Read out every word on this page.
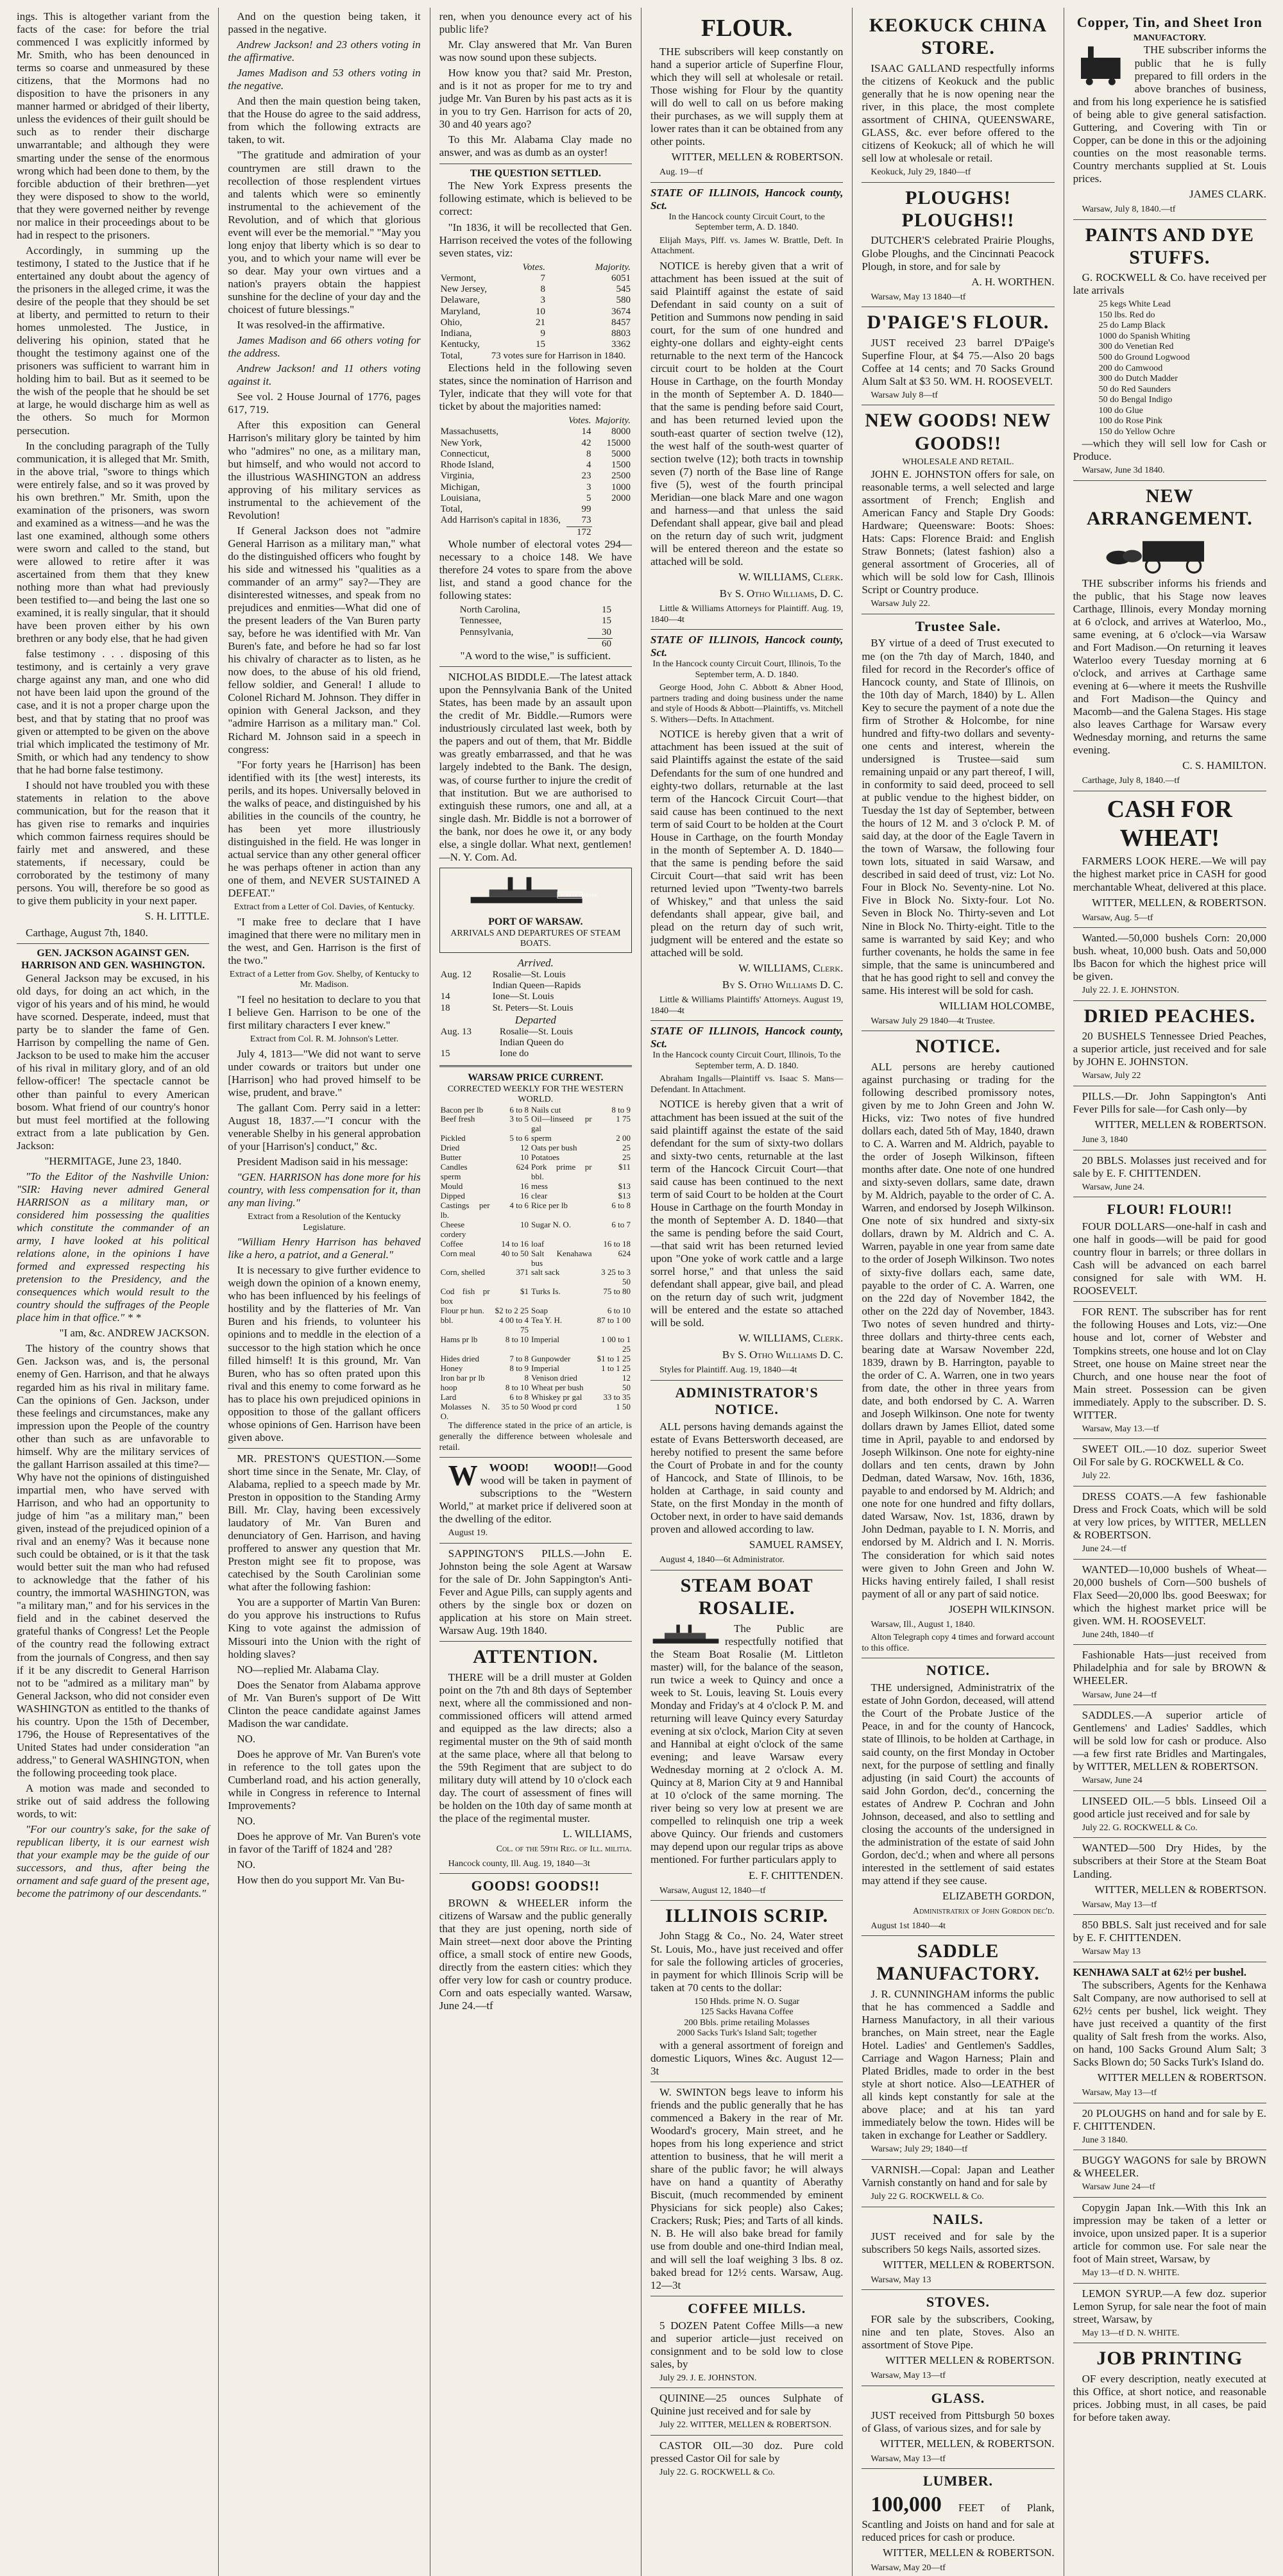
ings. This is altogether variant from the facts of the case: for before the trial commenced I was explicitly informed by Mr. Smith, who has been denounced in terms so coarse and unmeasured by these citizens, that the Mormons had no disposition to have the prisoners in any manner harmed or abridged of their liberty, unless the evidences of their guilt should be such as to render their discharge unwarrantable; and although they were smarting under the sense of the enormous wrong which had been done to them, by the forcible abduction of their brethren—yet they were disposed to show to the world, that they were governed neither by revenge nor malice in their proceedings about to be had in respect to the prisoners.

Accordingly, in summing up the testimony, I stated to the Justice that if he entertained any doubt about the agency of the prisoners in the alleged crime, it was the desire of the people that they should be set at liberty, and permitted to return to their homes unmolested. The Justice, in delivering his opinion, stated that he thought the testimony against one of the prisoners was sufficient to warrant him in holding him to bail. But as it seemed to be the wish of the people that he should be set at large, he would discharge him as well as the others. So much for Mormon persecution.

In the concluding paragraph of the Tully communication, it is alleged that Mr. Smith, in the above trial, "swore to things which were entirely false, and so it was proved by his own brethren." Mr. Smith, upon the examination of the prisoners, was sworn and examined as a witness—and he was the last one examined, although some others were sworn and called to the stand, but were allowed to retire after it was ascertained from them that they knew nothing more than what had previously been testified to—and being the last one so examined, it is really singular, that it should have been proven either by his own brethren or any body else, that he had given

false testimony . . . disposing of this testimony, and is certainly a very grave charge against any man, and one who did not have been laid upon the ground of the case, and it is not a proper charge upon the best, and that by stating that no proof was given or attempted to be given on the above trial which implicated the testimony of Mr. Smith, or which had any tendency to show that he had borne false testimony.

I should not have troubled you with these statements in relation to the above communication, but for the reason that it has given rise to remarks and inquiries which common fairness requires should be fairly met and answered, and these statements, if necessary, could be corroborated by the testimony of many persons. You will, therefore be so good as to give them publicity in your next paper.

S. H. LITTLE.

Carthage, August 7th, 1840.

GEN. JACKSON AGAINST GEN. HARRISON AND GEN. WASHINGTON.

General Jackson may be excused, in his old days, for doing an act which, in the vigor of his years and of his mind, he would have scorned. Desperate, indeed, must that party be to slander the fame of Gen. Harrison by compelling the name of Gen. Jackson to be used to make him the accuser of his rival in military glory, and of an old fellow-officer! The spectacle cannot be other than painful to every American bosom. What friend of our country's honor but must feel mortified at the following extract from a late publication by Gen. Jackson:

"HERMITAGE, June 23, 1840.

"To the Editor of the Nashville Union: "SIR: Having never admired General HARRISON as a military man, or considered him possessing the qualities which constitute the commander of an army, I have looked at his political relations alone, in the opinions I have formed and expressed respecting his pretension to the Presidency, and the consequences which would result to the country should the suffrages of the People place him in that office." * *

"I am, &c. ANDREW JACKSON.

The history of the country shows that Gen. Jackson was, and is, the personal enemy of Gen. Harrison, and that he always regarded him as his rival in military fame. Can the opinions of Gen. Jackson, under these feelings and circumstances, make any impression upon the People of the country other than such as are unfavorable to himself. Why are the military services of the gallant Harrison assailed at this time?—Why have not the opinions of distinguished impartial men, who have served with Harrison, and who had an opportunity to judge of him "as a military man," been given, instead of the prejudiced opinion of a rival and an enemy? Was it because none such could be obtained, or is it that the task would better suit the man who had refused to acknowledge that the father of his country, the immortal WASHINGTON, was "a military man," and for his services in the field and in the cabinet deserved the grateful thanks of Congress! Let the People of the country read the following extract from the journals of Congress, and then say if it be any discredit to General Harrison not to be "admired as a military man" by General Jackson, who did not consider even WASHINGTON as entitled to the thanks of his country. Upon the 15th of December, 1796, the House of Representatives of the United States had under consideration "an address," to General WASHINGTON, when the following proceeding took place.

A motion was made and seconded to strike out of said address the following words, to wit:

"For our country's sake, for the sake of republican liberty, it is our earnest wish that your example may be the guide of our successors, and thus, after being the ornament and safe guard of the present age, become the patrimony of our descendants."

And on the question being taken, it passed in the negative.

Andrew Jackson! and 23 others voting in the affirmative.

James Madison and 53 others voting in the negative.

And then the main question being taken, that the House do agree to the said address, from which the following extracts are taken, to wit.

"The gratitude and admiration of your countrymen are still drawn to the recollection of those resplendent virtues and talents which were so eminently instrumental to the achievement of the Revolution, and of which that glorious event will ever be the memorial." "May you long enjoy that liberty which is so dear to you, and to which your name will ever be so dear. May your own virtues and a nation's prayers obtain the happiest sunshine for the decline of your day and the choicest of future blessings."

It was resolved-in the affirmative.

James Madison and 66 others voting for the address.

Andrew Jackson! and 11 others voting against it.

See vol. 2 House Journal of 1776, pages 617, 719.

After this exposition can General Harrison's military glory be tainted by him who "admires" no one, as a military man, but himself, and who would not accord to the illustrious WASHINGTON an address approving of his military services as instrumental to the achievement of the Revolution!

If General Jackson does not "admire General Harrison as a military man," what do the distinguished officers who fought by his side and witnessed his "qualities as a commander of an army" say?—They are disinterested witnesses, and speak from no prejudices and enmities—What did one of the present leaders of the Van Buren party say, before he was identified with Mr. Van Buren's fate, and before he had so far lost his chivalry of character as to listen, as he now does, to the abuse of his old friend, fellow soldier, and General! I allude to Colonel Richard M. Johnson. They differ in opinion with General Jackson, and they "admire Harrison as a military man." Col. Richard M. Johnson said in a speech in congress:

"For forty years he [Harrison] has been identified with its [the west] interests, its perils, and its hopes. Universally beloved in the walks of peace, and distinguished by his abilities in the councils of the country, he has been yet more illustriously distinguished in the field. He was longer in actual service than any other general officer he was perhaps oftener in action than any one of them, and NEVER SUSTAINED A DEFEAT."

Extract from a Letter of Col. Davies, of Kentucky.

"I make free to declare that I have imagined that there were no military men in the west, and Gen. Harrison is the first of the two."

Extract of a Letter from Gov. Shelby, of Kentucky to Mr. Madison.

"I feel no hesitation to declare to you that I believe Gen. Harrison to be one of the first military characters I ever knew."

Extract from Col. R. M. Johnson's Letter.

July 4, 1813—"We did not want to serve under cowards or traitors but under one [Harrison] who had proved himself to be wise, prudent, and brave."

The gallant Com. Perry said in a letter: August 18, 1837.—"I concur with the venerable Shelby in his general approbation of your [Harrison's] conduct," &c.

President Madison said in his message:

"GEN. HARRISON has done more for his country, with less compensation for it, than any man living."

Extract from a Resolution of the Kentucky Legislature.

"William Henry Harrison has behaved like a hero, a patriot, and a General."

It is necessary to give further evidence to weigh down the opinion of a known enemy, who has been influenced by his feelings of hostility and by the flatteries of Mr. Van Buren and his friends, to volunteer his opinions and to meddle in the election of a successor to the high station which he once filled himself! It is this ground, Mr. Van Buren, who has so often prated upon this rival and this enemy to come forward as he has to place his own prejudiced opinions in opposition to those of the gallant officers whose opinions of Gen. Harrison have been given above.

MR. PRESTON'S QUESTION.—Some short time since in the Senate, Mr. Clay, of Alabama, replied to a speech made by Mr. Preston in opposition to the Standing Army Bill. Mr. Clay, having been excessively laudatory of Mr. Van Buren and denunciatory of Gen. Harrison, and having proffered to answer any question that Mr. Preston might see fit to propose, was catechised by the South Carolinian some what after the following fashion:

You are a supporter of Martin Van Buren: do you approve his instructions to Rufus King to vote against the admission of Missouri into the Union with the right of holding slaves?

NO—replied Mr. Alabama Clay.

Does the Senator from Alabama approve of Mr. Van Buren's support of De Witt Clinton the peace candidate against James Madison the war candidate.

NO.

Does he approve of Mr. Van Buren's vote in reference to the toll gates upon the Cumberland road, and his action generally, while in Congress in reference to Internal Improvements?

NO.

Does he approve of Mr. Van Buren's vote in favor of the Tariff of 1824 and '28?

NO.

How then do you support Mr. Van Bu-

ren, when you denounce every act of his public life?

Mr. Clay answered that Mr. Van Buren was now sound upon these subjects.

How know you that? said Mr. Preston, and is it not as proper for me to try and judge Mr. Van Buren by his past acts as it is in you to try Gen. Harrison for acts of 20, 30 and 40 years ago?

To this Mr. Alabama Clay made no answer, and was as dumb as an oyster!

THE QUESTION SETTLED.

The New York Express presents the following estimate, which is believed to be correct:

"In 1836, it will be recollected that Gen. Harrison received the votes of the following seven states, viz:

	Votes.	Majority.
Vermont,	7	6051
New Jersey,	8	545
Delaware,	3	580
Maryland,	10	3674
Ohio,	21	8457
Indiana,	9	8803
Kentucky,	15	3362
Total,	73 votes sure for Harrison in 1840.	

Elections held in the following seven states, since the nomination of Harrison and Tyler, indicate that they will vote for that ticket by about the majorities named:

	Votes.	Majority.
Massachusetts,	14	8000
New York,	42	15000
Connecticut,	8	5000
Rhode Island,	4	1500
Virginia,	23	2500
Michigan,	3	1000
Louisiana,	5	2000
Total,	99	
Add Harrison's capital in 1836,	73	
	172	

Whole number of electoral votes 294—necessary to a choice 148. We have therefore 24 votes to spare from the above list, and stand a good chance for the following states:

North Carolina,	15
Tennessee,	15
Pennsylvania,	30
	60

"A word to the wise," is sufficient.

NICHOLAS BIDDLE.—The latest attack upon the Pennsylvania Bank of the United States, has been made by an assault upon the credit of Mr. Biddle.—Rumors were industriously circulated last week, both by the papers and out of them, that Mr. Biddle was greatly embarrassed, and that he was largely indebted to the Bank. The design, was, of course further to injure the credit of that institution. But we are authorised to extinguish these rumors, one and all, at a single dash. Mr. Biddle is not a borrower of the bank, nor does he owe it, or any body else, a single dollar. What next, gentlemen!—N. Y. Com. Ad.

PORT OF WARSAW.
PORT OF WARSAW.
ARRIVALS AND DEPARTURES OF STEAM BOATS.
Arrived.
Aug. 12	Rosalie—St. Louis
	Indian Queen—Rapids
14	Ione—St. Louis
18	St. Peters—St. Louis
Departed
Aug. 13	Rosalie—St. Louis
	Indian Queen do
15	Ione do
WARSAW PRICE CURRENT.
CORRECTED WEEKLY FOR THE WESTERN WORLD.
Bacon per lb	6 to 8	Nails cut	8 to 9
Beef fresh	3 to 5	Oil—linseed pr gal	1 75
Pickled	5 to 6	sperm	2 00
Dried	12	Oats per bush	25
Butter	10	Potatoes	25
Candles sperm	624	Pork prime pr bbl.	$11
Mould	16	mess	$13
Dipped	16	clear	$13
Castings per lb.	4 to 6	Rice per lb	6 to 8
Cheese cordery	10	Sugar N. O.	6 to 7
Coffee	14 to 16	loaf	16 to 18
Corn meal	40 to 50	Salt Kenahawa bus	624
Corn, shelled	371	salt sack	3 25 to 3 50
Cod fish pr box	$1	Turks Is.	75 to 80
Flour pr hun.	$2 to 2 25	Soap	6 to 10
bbl.	4 00 to 4 75	Tea Y. H.	87 to 1 00
Hams pr lb	8 to 10	Imperial	1 00 to 1 25
Hides dried	7 to 8	Gunpowder	$1 to 1 25
Honey	8 to 9	Imperial	1 to 1 25
Iron bar pr lb	8	Venison dried	12
hoop	8 to 10	Wheat per bush	50
Lard	6 to 8	Whiskey pr gal	33 to 35
Molasses N. O.	35 to 50	Wood pr cord	1 50

The difference stated in the price of an article, is generally the difference between wholesale and retail.

W WOOD! WOOD!!—Good wood will be taken in payment of subscriptions to the "Western World," at market price if delivered soon at the dwelling of the editor.

August 19.

SAPPINGTON'S PILLS.—John E. Johnston being the sole Agent at Warsaw for the sale of Dr. John Sappington's Anti-Fever and Ague Pills, can supply agents and others by the single box or dozen on application at his store on Main street. Warsaw Aug. 19th 1840.

ATTENTION.

THERE will be a drill muster at Golden point on the 7th and 8th days of September next, where all the commissioned and non-commissioned officers will attend armed and equipped as the law directs; also a regimental muster on the 9th of said month at the same place, where all that belong to the 59th Regiment that are subject to do military duty will attend by 10 o'clock each day. The court of assessment of fines will be holden on the 10th day of same month at the place of the regimental muster.

L. WILLIAMS,
Col. of the 59th Reg. of Ill. militia.

Hancock county, Ill. Aug. 19, 1840—3t

GOODS! GOODS!!

BROWN & WHEELER inform the citizens of Warsaw and the public generally that they are just opening, north side of Main street—next door above the Printing office, a small stock of entire new Goods, directly from the eastern cities: which they offer very low for cash or country produce. Corn and oats especially wanted. Warsaw, June 24.—tf

FLOUR.

THE subscribers will keep constantly on hand a superior article of Superfine Flour, which they will sell at wholesale or retail. Those wishing for Flour by the quantity will do well to call on us before making their purchases, as we will supply them at lower rates than it can be obtained from any other points.

WITTER, MELLEN & ROBERTSON.

Aug. 19—tf

STATE OF ILLINOIS, Hancock county, Sct.

In the Hancock county Circuit Court, to the September term, A. D. 1840.

Elijah Mays, Plff. vs. James W. Brattle, Deft. In Attachment.

NOTICE is hereby given that a writ of attachment has been issued at the suit of said Plaintiff against the estate of said Defendant in said county on a suit of Petition and Summons now pending in said court, for the sum of one hundred and eighty-one dollars and eighty-eight cents returnable to the next term of the Hancock circuit court to be holden at the Court House in Carthage, on the fourth Monday in the month of September A. D. 1840—that the same is pending before said Court, and has been returned levied upon the south-east quarter of section twelve (12), the west half of the south-west quarter of section twelve (12); both tracts in township seven (7) north of the Base line of Range five (5), west of the fourth principal Meridian—one black Mare and one wagon and harness—and that unless the said Defendant shall appear, give bail and plead on the return day of such writ, judgment will be entered thereon and the estate so attached will be sold.

W. WILLIAMS, Clerk.
By S. Otho Williams, D. C.

Little & Williams Attorneys for Plaintiff. Aug. 19, 1840—4t

STATE OF ILLINOIS, Hancock county, Sct.

In the Hancock county Circuit Court, Illinois, To the September term, A. D. 1840.

George Hood, John C. Abbott & Abner Hood, partners trading and doing business under the name and style of Hoods & Abbott—Plaintiffs, vs. Mitchell S. Withers—Defts. In Attachment.

NOTICE is hereby given that a writ of attachment has been issued at the suit of said Plaintiffs against the estate of the said Defendants for the sum of one hundred and eighty-two dollars, returnable at the last term of the Hancock Circuit Court—that said cause has been continued to the next term of said Court to be holden at the Court House in Carthage, on the fourth Monday in the month of September A. D. 1840—that the same is pending before the said Circuit Court—that said writ has been returned levied upon "Twenty-two barrels of Whiskey," and that unless the said defendants shall appear, give bail, and plead on the return day of such writ, judgment will be entered and the estate so attached will be sold.

W. WILLIAMS, Clerk.
By S. Otho Williams D. C.

Little & Williams Plaintiffs' Attorneys. August 19, 1840—4t

STATE OF ILLINOIS, Hancock county, Sct.

In the Hancock county Circuit Court, Illinois, To the September term, A. D. 1840.

Abraham Ingalls—Plaintiff vs. Isaac S. Mans—Defendant. In Attachment.

NOTICE is hereby given that a writ of attachment has been issued at the suit of the said plaintiff against the estate of the said defendant for the sum of sixty-two dollars and sixty-two cents, returnable at the last term of the Hancock Circuit Court—that said cause has been continued to the next term of said Court to be holden at the Court House in Carthage on the fourth Monday in the month of September A. D. 1840—that the same is pending before the said Court,—that said writ has been returned levied upon "One yoke of work cattle and a large sorrel horse," and that unless the said defendant shall appear, give bail, and plead on the return day of such writ, judgment will be entered and the estate so attached will be sold.

W. WILLIAMS, Clerk.
By S. Otho Williams D. C.

Styles for Plaintiff. Aug. 19, 1840—4t

ADMINISTRATOR'S NOTICE.

ALL persons having demands against the estate of Evans Bettersworth deceased, are hereby notified to present the same before the Court of Probate in and for the county of Hancock, and State of Illinois, to be holden at Carthage, in said county and State, on the first Monday in the month of October next, in order to have said demands proven and allowed according to law.

SAMUEL RAMSEY,

August 4, 1840—6t Administrator.

STEAM BOAT ROSALIE.

The Public are respectfully notified that the Steam Boat Rosalie (M. Littleton master) will, for the balance of the season, run twice a week to Quincy and once a week to St. Louis, leaving St. Louis every Monday and Friday's at 4 o'clock P. M. and returning will leave Quincy every Saturday evening at six o'clock, Marion City at seven and Hannibal at eight o'clock of the same evening; and leave Warsaw every Wednesday morning at 2 o'clock A. M. Quincy at 8, Marion City at 9 and Hannibal at 10 o'clock of the same morning. The river being so very low at present we are compelled to relinquish one trip a week above Quincy. Our friends and customers may depend upon our regular trips as above mentioned. For further particulars apply to

E. F. CHITTENDEN.

Warsaw, August 12, 1840—tf

ILLINOIS SCRIP.

John Stagg & Co., No. 24, Water street St. Louis, Mo., have just received and offer for sale the following articles of groceries, in payment for which Illinois Scrip will be taken at 70 cents to the dollar:

150 Hhds. prime N. O. Sugar
125 Sacks Havana Coffee
200 Bbls. prime retailing Molasses
2000 Sacks Turk's Island Salt; together

with a general assortment of foreign and domestic Liquors, Wines &c. August 12—3t

W. SWINTON begs leave to inform his friends and the public generally that he has commenced a Bakery in the rear of Mr. Woodard's grocery, Main street, and he hopes from his long experience and strict attention to business, that he will merit a share of the public favor; he will always have on hand a quantity of Aberathy Biscuit, (much recommended by eminent Physicians for sick people) also Cakes; Crackers; Rusk; Pies; and Tarts of all kinds. N. B. He will also bake bread for family use from double and one-third Indian meal, and will sell the loaf weighing 3 lbs. 8 oz. baked bread for 12½ cents. Warsaw, Aug. 12—3t

COFFEE MILLS.

5 DOZEN Patent Coffee Mills—a new and superior article—just received on consignment and to be sold low to close sales, by

July 29. J. E. JOHNSTON.

QUININE—25 ounces Sulphate of Quinine just received and for sale by

July 22. WITTER, MELLEN & ROBERTSON.

CASTOR OIL—30 doz. Pure cold pressed Castor Oil for sale by

July 22. G. ROCKWELL & Co.

KEOKUCK CHINA STORE.

ISAAC GALLAND respectfully informs the citizens of Keokuck and the public generally that he is now opening near the river, in this place, the most complete assortment of CHINA, QUEENSWARE, GLASS, &c. ever before offered to the citizens of Keokuck; all of which he will sell low at wholesale or retail.

Keokuck, July 29, 1840—tf

PLOUGHS! PLOUGHS!!

DUTCHER'S celebrated Prairie Ploughs, Globe Ploughs, and the Cincinnati Peacock Plough, in store, and for sale by

A. H. WORTHEN.

Warsaw, May 13 1840—tf

D'PAIGE'S FLOUR.

JUST received 23 barrel D'Paige's Superfine Flour, at $4 75.—Also 20 bags Coffee at 14 cents; and 70 Sacks Ground Alum Salt at $3 50. WM. H. ROOSEVELT.

Warsaw July 8—tf

NEW GOODS! NEW GOODS!!
WHOLESALE AND RETAIL.

JOHN E. JOHNSTON offers for sale, on reasonable terms, a well selected and large assortment of French; English and American Fancy and Staple Dry Goods: Hardware; Queensware: Boots: Shoes: Hats: Caps: Florence Braid: and English Straw Bonnets; (latest fashion) also a general assortment of Groceries, all of which will be sold low for Cash, Illinois Script or Country produce.

Warsaw July 22.

Trustee Sale.

BY virtue of a deed of Trust executed to me (on the 7th day of March, 1840, and filed for record in the Recorder's office of Hancock county, and State of Illinois, on the 10th day of March, 1840) by L. Allen Key to secure the payment of a note due the firm of Strother & Holcombe, for nine hundred and fifty-two dollars and seventy-one cents and interest, wherein the undersigned is Trustee—said sum remaining unpaid or any part thereof, I will, in conformity to said deed, proceed to sell at public vendue to the highest bidder, on Tuesday the 1st day of September, between the hours of 12 M. and 3 o'clock P. M. of said day, at the door of the Eagle Tavern in the town of Warsaw, the following four town lots, situated in said Warsaw, and described in said deed of trust, viz: Lot No. Four in Block No. Seventy-nine. Lot No. Five in Block No. Sixty-four. Lot No. Seven in Block No. Thirty-seven and Lot Nine in Block No. Thirty-eight. Title to the same is warranted by said Key; and who further covenants, he holds the same in fee simple, that the same is unincumbered and that he has good right to sell and convey the same. His interest will be sold for cash.

WILLIAM HOLCOMBE,

Warsaw July 29 1840—4t Trustee.

NOTICE.

ALL persons are hereby cautioned against purchasing or trading for the following described promissory notes, given by me to John Green and John W. Hicks, viz: Two notes of five hundred dollars each, dated 5th of May, 1840, drawn to C. A. Warren and M. Aldrich, payable to the order of Joseph Wilkinson, fifteen months after date. One note of one hundred and sixty-seven dollars, same date, drawn by M. Aldrich, payable to the order of C. A. Warren, and endorsed by Joseph Wilkinson. One note of six hundred and sixty-six dollars, drawn by M. Aldrich and C. A. Warren, payable in one year from same date to the order of Joseph Wilkinson. Two notes of sixty-five dollars each, same date, payable to the order of C. A. Warren, one on the 22d day of November 1842, the other on the 22d day of November, 1843. Two notes of seven hundred and thirty-three dollars and thirty-three cents each, bearing date at Warsaw November 22d, 1839, drawn by B. Harrington, payable to the order of C. A. Warren, one in two years from date, the other in three years from date, and both endorsed by C. A. Warren and Joseph Wilkinson. One note for twenty dollars drawn by James Elliot, dated some time in April, payable to and endorsed by Joseph Wilkinson. One note for eighty-nine dollars and ten cents, drawn by John Dedman, dated Warsaw, Nov. 16th, 1836, payable to and endorsed by M. Aldrich; and one note for one hundred and fifty dollars, dated Warsaw, Nov. 1st, 1836, drawn by John Dedman, payable to I. N. Morris, and endorsed by M. Aldrich and I. N. Morris. The consideration for which said notes were given to John Green and John W. Hicks having entirely failed, I shall resist payment of all or any part of said notice.

JOSEPH WILKINSON.

Warsaw, Ill., August 1, 1840.

Alton Telegraph copy 4 times and forward account to this office.

NOTICE.

THE undersigned, Administratrix of the estate of John Gordon, deceased, will attend the Court of the Probate Justice of the Peace, in and for the county of Hancock, state of Illinois, to be holden at Carthage, in said county, on the first Monday in October next, for the purpose of settling and finally adjusting (in said Court) the accounts of said John Gordon, dec'd., concerning the estates of Andrew P. Cochran and John Johnson, deceased, and also to settling and closing the accounts of the undersigned in the administration of the estate of said John Gordon, dec'd.; when and where all persons interested in the settlement of said estates may attend if they see cause.

ELIZABETH GORDON,
Administratrix of John Gordon dec'd.

August 1st 1840—4t

SADDLE MANUFACTORY.

J. R. CUNNINGHAM informs the public that he has commenced a Saddle and Harness Manufactory, in all their various branches, on Main street, near the Eagle Hotel. Ladies' and Gentlemen's Saddles, Carriage and Wagon Harness; Plain and Plated Bridles, made to order in the best style at short notice. Also—LEATHER of all kinds kept constantly for sale at the above place; and at his tan yard immediately below the town. Hides will be taken in exchange for Leather or Saddlery.

Warsaw; July 29; 1840—tf

VARNISH.—Copal: Japan and Leather Varnish constantly on hand and for sale by

July 22 G. ROCKWELL & Co.

NAILS.

JUST received and for sale by the subscribers 50 kegs Nails, assorted sizes.

WITTER, MELLEN & ROBERTSON.

Warsaw, May 13

STOVES.

FOR sale by the subscribers, Cooking, nine and ten plate, Stoves. Also an assortment of Stove Pipe.

WITTER MELLEN & ROBERTSON.

Warsaw, May 13—tf

GLASS.

JUST received from Pittsburgh 50 boxes of Glass, of various sizes, and for sale by

WITTER, MELLEN, & ROBERTSON.

Warsaw, May 13—tf

LUMBER.

100,000 FEET of Plank, Scantling and Joists on hand and for sale at reduced prices for cash or produce.

WITTER, MELLEN & ROBERTSON.

Warsaw, May 20—tf

Copper, Tin, and Sheet Iron
MANUFACTORY.

THE subscriber informs the public that he is fully prepared to fill orders in the above branches of business, and from his long experience he is satisfied of being able to give general satisfaction. Guttering, and Covering with Tin or Copper, can be done in this or the adjoining counties on the most reasonable terms. Country merchants supplied at St. Louis prices.

JAMES CLARK.

Warsaw, July 8, 1840.—tf

PAINTS AND DYE STUFFS.

G. ROCKWELL & Co. have received per late arrivals

25 kegs White Lead
150 lbs. Red do
25 do Lamp Black
1000 do Spanish Whiting
300 do Venetian Red
500 do Ground Logwood
200 do Camwood
300 do Dutch Madder
50 do Red Saunders
50 do Bengal Indigo
100 do Glue
100 do Rose Pink
150 do Yellow Ochre

—which they will sell low for Cash or Produce.

Warsaw, June 3d 1840.

NEW ARRANGEMENT.

THE subscriber informs his friends and the public, that his Stage now leaves Carthage, Illinois, every Monday morning at 6 o'clock, and arrives at Waterloo, Mo., same evening, at 6 o'clock—via Warsaw and Fort Madison.—On returning it leaves Waterloo every Tuesday morning at 6 o'clock, and arrives at Carthage same evening at 6—where it meets the Rushville and Fort Madison—the Quincy and Macomb—and the Galena Stages. His stage also leaves Carthage for Warsaw every Wednesday morning, and returns the same evening.

C. S. HAMILTON.

Carthage, July 8, 1840.—tf

CASH FOR WHEAT!

FARMERS LOOK HERE.—We will pay the highest market price in CASH for good merchantable Wheat, delivered at this place.

WITTER, MELLEN, & ROBERTSON.

Warsaw, Aug. 5—tf

Wanted.—50,000 bushels Corn: 20,000 bush. wheat, 10,000 bush. Oats and 50,000 lbs Bacon for which the highest price will be given.

July 22. J. E. JOHNSTON.

DRIED PEACHES.

20 BUSHELS Tennessee Dried Peaches, a superior article, just received and for sale by JOHN E. JOHNSTON.

Warsaw, July 22

PILLS.—Dr. John Sappington's Anti Fever Pills for sale—for Cash only—by

WITTER, MELLEN & ROBERTSON.

June 3, 1840

20 BBLS. Molasses just received and for sale by E. F. CHITTENDEN.

Warsaw, June 24.

FLOUR! FLOUR!!

FOUR DOLLARS—one-half in cash and one half in goods—will be paid for good country flour in barrels; or three dollars in Cash will be advanced on each barrel consigned for sale with WM. H. ROOSEVELT.

FOR RENT. The subscriber has for rent the following Houses and Lots, viz:—One house and lot, corner of Webster and Tompkins streets, one house and lot on Clay Street, one house on Maine street near the Church, and one house near the foot of Main street. Possession can be given immediately. Apply to the subscriber. D. S. WITTER.

Warsaw, May 13.—tf

SWEET OIL.—10 doz. superior Sweet Oil For sale by G. ROCKWELL & Co.

July 22.

DRESS COATS.—A few fashionable Dress and Frock Coats, which will be sold at very low prices, by WITTER, MELLEN & ROBERTSON.

June 24.—tf

WANTED—10,000 bushels of Wheat—20,000 bushels of Corn—500 bushels of Flax Seed—20,000 lbs. good Beeswax; for which the highest market price will be given. WM. H. ROOSEVELT.

June 24th, 1840—tf

Fashionable Hats—just received from Philadelphia and for sale by BROWN & WHEELER.

Warsaw, June 24—tf

SADDLES.—A superior article of Gentlemens' and Ladies' Saddles, which will be sold low for cash or produce. Also—a few first rate Bridles and Martingales, by WITTER, MELLEN & ROBERTSON.

Warsaw, June 24

LINSEED OIL.—5 bbls. Linseed Oil a good article just received and for sale by

July 22. G. ROCKWELL & Co.

WANTED—500 Dry Hides, by the subscribers at their Store at the Steam Boat Landing.

WITTER, MELLEN & ROBERTSON.

Warsaw, May 13—tf

850 BBLS. Salt just received and for sale by E. F. CHITTENDEN.

Warsaw May 13

KENHAWA SALT at 62½ per bushel.

The subscribers, Agents for the Kenhawa Salt Company, are now authorised to sell at 62½ cents per bushel, lick weight. They have just received a quantity of the first quality of Salt fresh from the works. Also, on hand, 100 Sacks Ground Alum Salt; 3 Sacks Blown do; 50 Sacks Turk's Island do.

WITTER MELLEN & ROBERTSON.

Warsaw, May 13—tf

20 PLOUGHS on hand and for sale by E. F. CHITTENDEN.

June 3 1840.

BUGGY WAGONS for sale by BROWN & WHEELER.

Warsaw June 24—tf

Copygin Japan Ink.—With this Ink an impression may be taken of a letter or invoice, upon unsized paper. It is a superior article for common use. For sale near the foot of Main street, Warsaw, by

May 13—tf D. N. WHITE.

LEMON SYRUP.—A few doz. superior Lemon Syrup, for sale near the foot of main street, Warsaw, by

May 13—tf D. N. WHITE.

JOB PRINTING

OF every description, neatly executed at this Office, at short notice, and reasonable prices. Jobbing must, in all cases, be paid for before taken away.
